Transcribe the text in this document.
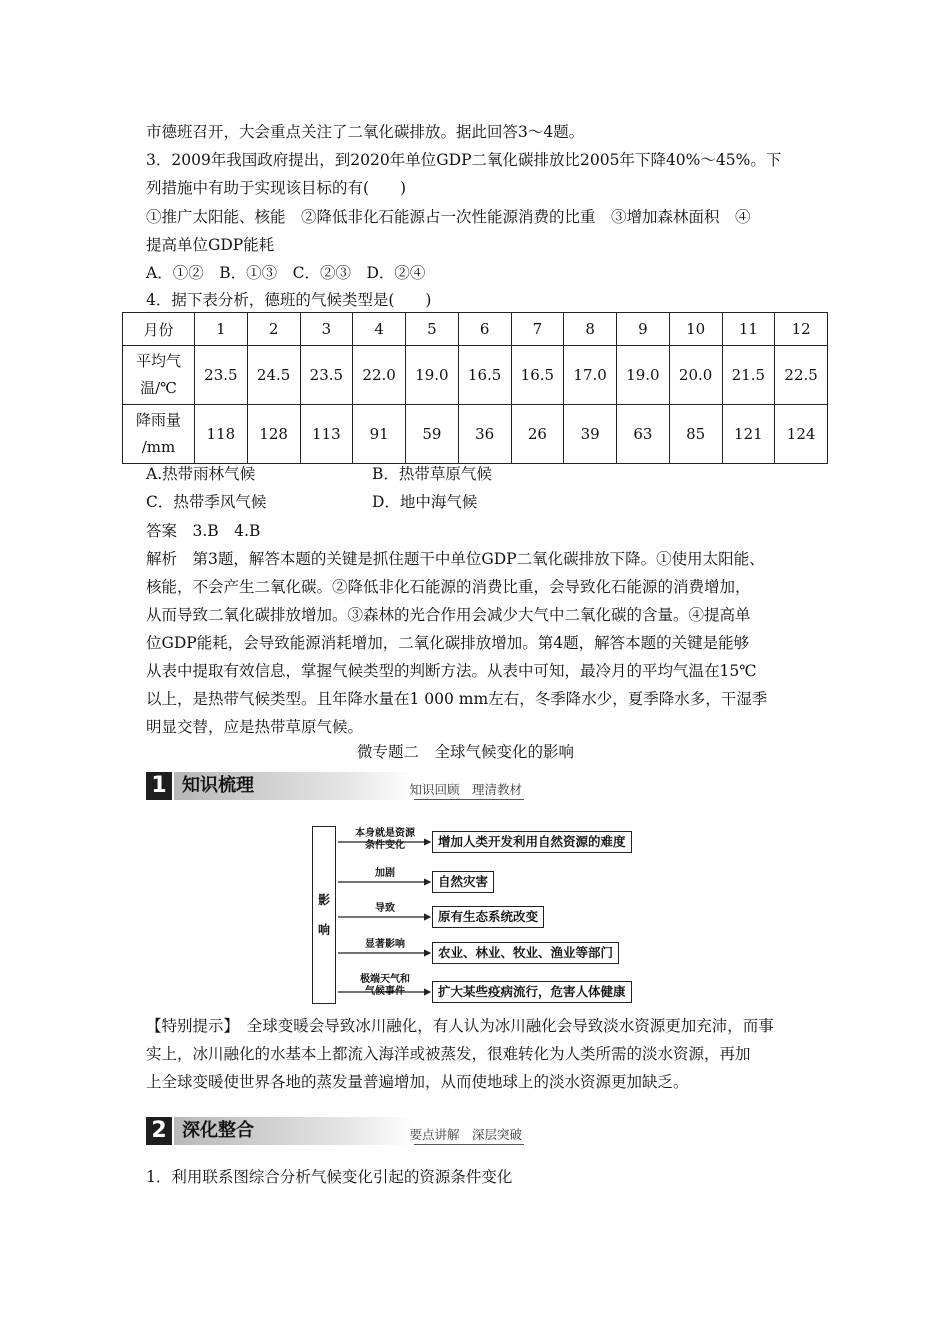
市德班召开，大会重点关注了二氧化碳排放。据此回答3～4题。
3．2009年我国政府提出，到2020年单位GDP二氧化碳排放比2005年下降40%～45%。下
列措施中有助于实现该目标的有(　　)
①推广太阳能、核能　②降低非化石能源占一次性能源消费的比重　③增加森林面积　④
提高单位GDP能耗
A．①②　B．①③　C．②③　D．②④
4．据下表分析，德班的气候类型是(　　)
月份	1	2	3	4	5	6	7	8	9	10	11	12

平均气
温/℃	23.5	24.5	23.5	22.0	19.0	16.5	16.5	17.0	19.0	20.0	21.5	22.5

降雨量
/mm	118	128	113	91	59	36	26	39	63	85	121	124
A.热带雨林气候	B．热带草原气候
C．热带季风气候	D．地中海气候
答案　3.B　4.B
解析　第3题，解答本题的关键是抓住题干中单位GDP二氧化碳排放下降。①使用太阳能、
核能，不会产生二氧化碳。②降低非化石能源的消费比重，会导致化石能源的消费增加，
从而导致二氧化碳排放增加。③森林的光合作用会减少大气中二氧化碳的含量。④提高单
位GDP能耗，会导致能源消耗增加，二氧化碳排放增加。第4题，解答本题的关键是能够
从表中提取有效信息，掌握气候类型的判断方法。从表中可知，最冷月的平均气温在15℃
以上，是热带气候类型。且年降水量在1 000 mm左右，冬季降水少，夏季降水多，干湿季
明显交替，应是热带草原气候。
微专题二　全球气候变化的影响
1 知识梳理	知识回顾　理清教材
影
响
本身就是资源
条件变化	增加人类开发利用自然资源的难度
加剧
自然灾害
导致
原有生态系统改变
显著影响
农业、林业、牧业、渔业等部门
极端天气和
气候事件	扩大某些疫病流行，危害人体健康
【特别提示】　全球变暖会导致冰川融化，有人认为冰川融化会导致淡水资源更加充沛，而事
实上，冰川融化的水基本上都流入海洋或被蒸发，很难转化为人类所需的淡水资源，再加
上全球变暖使世界各地的蒸发量普遍增加，从而使地球上的淡水资源更加缺乏。
2 深化整合	要点讲解　深层突破
1．利用联系图综合分析气候变化引起的资源条件变化
